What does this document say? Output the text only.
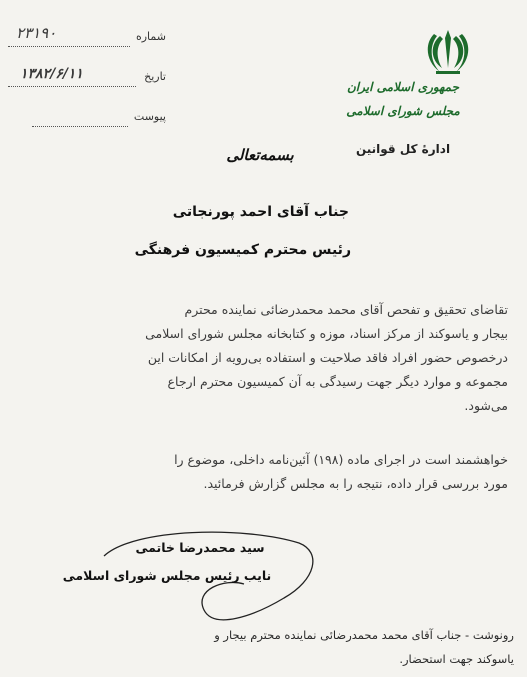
جمهوری اسلامی ایران
مجلس شورای اسلامی
ادارهٔ کل قوانین
شماره
۲۳۱۹۰
تاریخ
۱۳۸۲/۶/۱۱
پیوست
بسمه‌تعالی
جناب آقای احمد پورنجاتی
رئیس محترم کمیسیون فرهنگی
تقاضای تحقیق و تفحص آقای محمد محمدرضائی نماینده محترم
بیجار و یاسوکند از مرکز اسناد، موزه و کتابخانه مجلس شورای اسلامی
درخصوص حضور افراد فاقد صلاحیت و استفاده بی‌رویه از امکانات این
مجموعه و موارد دیگر جهت رسیدگی به آن کمیسیون محترم ارجاع
می‌شود.
خواهشمند است در اجرای ماده (۱۹۸) آئین‌نامه داخلی، موضوع را
مورد بررسی قرار داده، نتیجه را به مجلس گزارش فرمائید.
سید محمدرضا خاتمی
نایب رئیس مجلس شورای اسلامی
رونوشت - جناب آقای محمد محمدرضائی نماینده محترم بیجار و
یاسوکند جهت استحضار.
